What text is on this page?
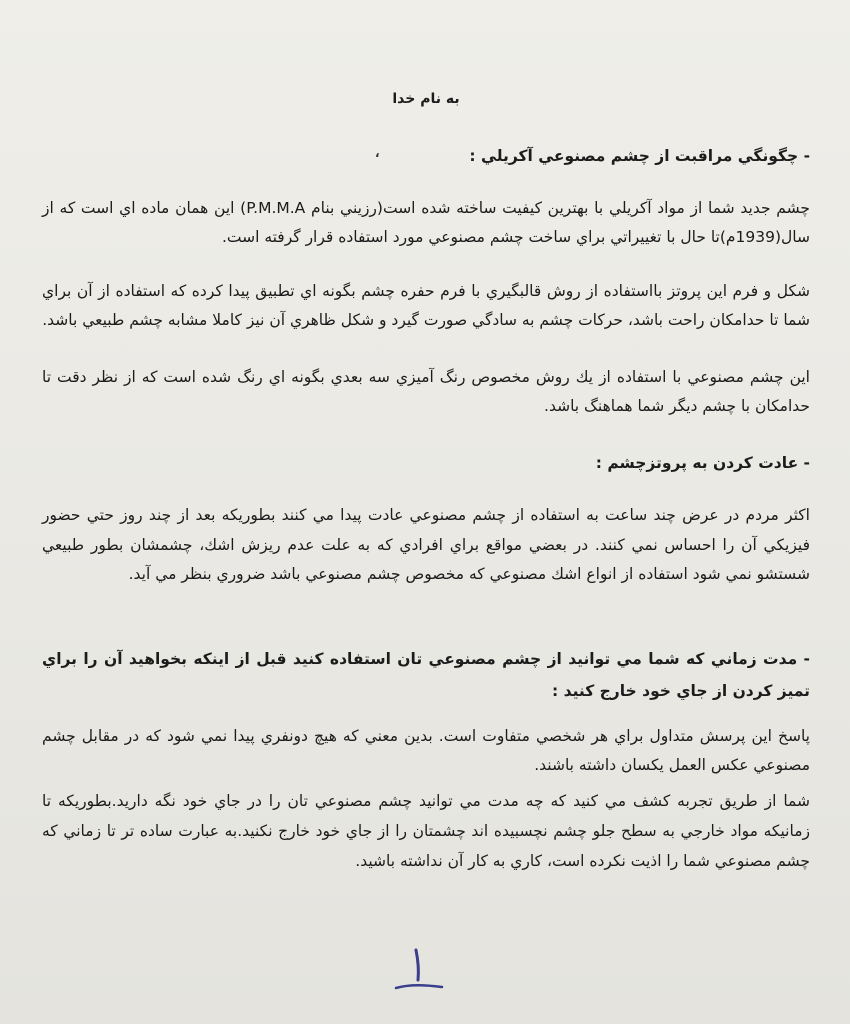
به نام خدا
- چگونگي مراقبت از چشم مصنوعي آكريلي :
چشم جديد شما از مواد آكريلي با بهترين كيفيت ساخته شده است(رزيني بنام P.M.M.A) اين همان ماده اي است كه از سال(1939م)تا حال با تغييراتي براي ساخت چشم مصنوعي مورد استفاده قرار گرفته است.
شكل و فرم اين پروتز بااستفاده از روش قالبگيري با فرم حفره چشم بگونه اي تطبيق پيدا كرده كه استفاده از آن براي شما تا حدامكان راحت باشد، حركات چشم به سادگي صورت گيرد و شكل ظاهري آن نيز كاملا مشابه چشم طبيعي باشد.
اين چشم مصنوعي با استفاده از يك روش مخصوص رنگ آميزي سه بعدي بگونه اي رنگ شده است كه از نظر دقت تا حدامكان با چشم ديگر شما هماهنگ باشد.
- عادت كردن به پروتزچشم :
اكثر مردم در عرض چند ساعت به استفاده از چشم مصنوعي عادت پيدا مي كنند بطوريكه بعد از چند روز حتي حضور فيزيكي آن را احساس نمي كنند. در بعضي مواقع براي افرادي كه به علت عدم ريزش اشك، چشمشان بطور طبيعي شستشو نمي شود استفاده از انواع اشك مصنوعي كه مخصوص چشم مصنوعي باشد ضروري بنظر مي آيد.
- مدت زماني كه شما مي توانيد از چشم مصنوعي تان استفاده كنيد قبل از اينكه بخواهيد آن را براي تميز كردن از جاي خود خارج كنيد :
پاسخ اين پرسش متداول براي هر شخصي متفاوت است. بدين معني كه هيچ دونفري پيدا نمي شود كه در مقابل چشم مصنوعي عكس العمل يكسان داشته باشند.
شما از طريق تجربه كشف مي كنيد كه چه مدت مي توانيد چشم مصنوعي تان را در جاي خود نگه داريد.بطوريكه تا زمانيكه مواد خارجي به سطح جلو چشم نچسبيده اند چشمتان را از جاي خود خارج نكنيد.به عبارت ساده تر تا زماني كه چشم مصنوعي شما را اذيت نكرده است، كاري به كار آن نداشته باشيد.
،
